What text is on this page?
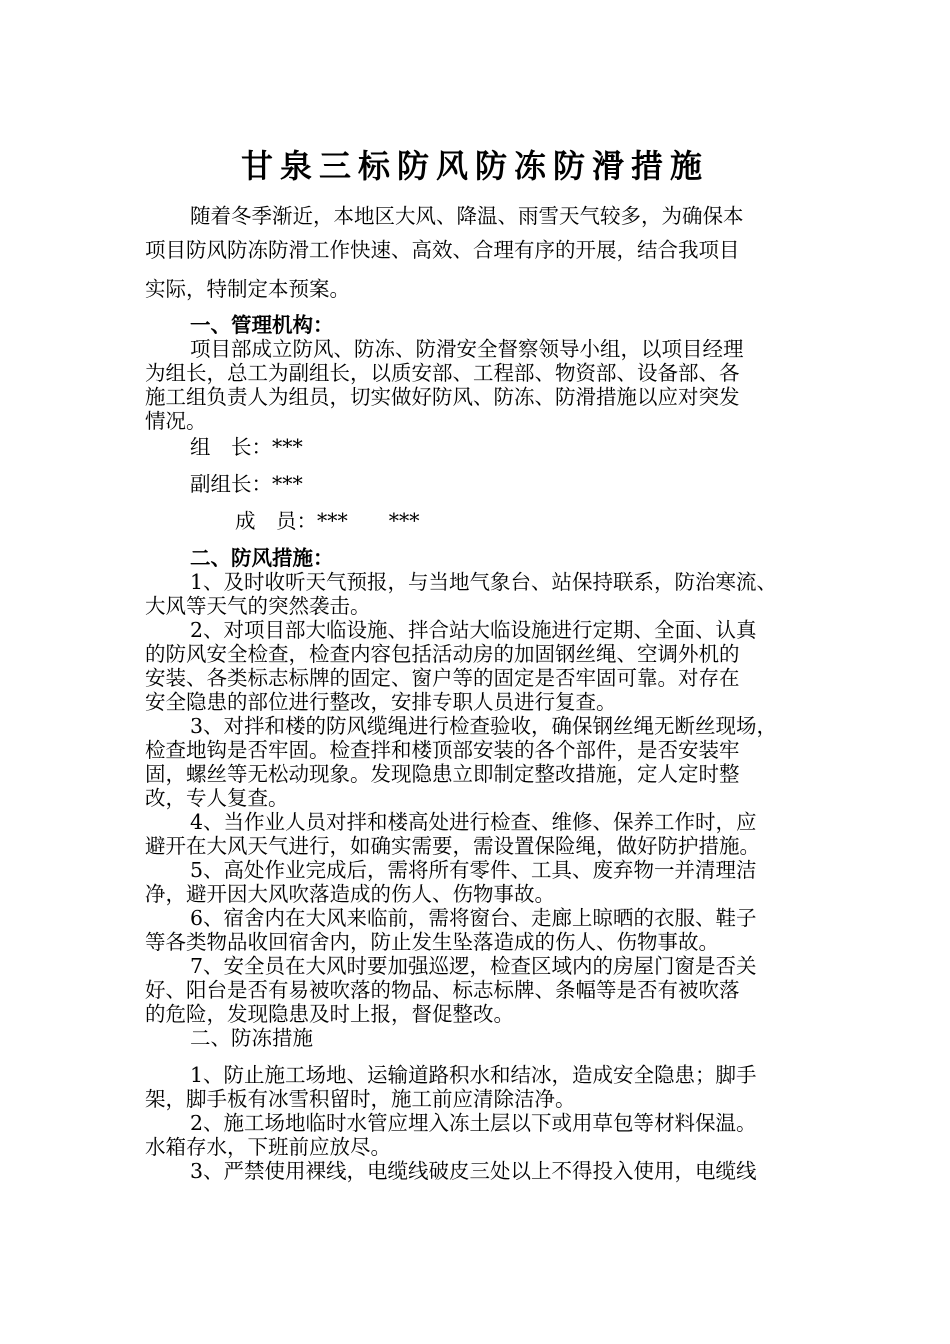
甘泉三标防风防冻防滑措施

随着冬季渐近，本地区大风、降温、雨雪天气较多，为确保本

项目防风防冻防滑工作快速、高效、合理有序的开展，结合我项目

实际，特制定本预案。

一、管理机构：

项目部成立防风、防冻、防滑安全督察领导小组，以项目经理

为组长，总工为副组长，以质安部、工程部、物资部、设备部、各

施工组负责人为组员，切实做好防风、防冻、防滑措施以应对突发

情况。

组　长：***

副组长：***

成　员：***　　***

二、防风措施：

1、及时收听天气预报，与当地气象台、站保持联系，防治寒流、

大风等天气的突然袭击。

2、对项目部大临设施、拌合站大临设施进行定期、全面、认真

的防风安全检查，检查内容包括活动房的加固钢丝绳、空调外机的

安装、各类标志标牌的固定、窗户等的固定是否牢固可靠。对存在

安全隐患的部位进行整改，安排专职人员进行复查。

3、对拌和楼的防风缆绳进行检查验收，确保钢丝绳无断丝现场，

检查地钩是否牢固。检查拌和楼顶部安装的各个部件，是否安装牢

固，螺丝等无松动现象。发现隐患立即制定整改措施，定人定时整

改，专人复查。

4、当作业人员对拌和楼高处进行检查、维修、保养工作时，应

避开在大风天气进行，如确实需要，需设置保险绳，做好防护措施。

5、高处作业完成后，需将所有零件、工具、废弃物一并清理洁

净，避开因大风吹落造成的伤人、伤物事故。

6、宿舍内在大风来临前，需将窗台、走廊上晾晒的衣服、鞋子

等各类物品收回宿舍内，防止发生坠落造成的伤人、伤物事故。

7、安全员在大风时要加强巡逻，检查区域内的房屋门窗是否关

好、阳台是否有易被吹落的物品、标志标牌、条幅等是否有被吹落

的危险，发现隐患及时上报，督促整改。

二、防冻措施

1、防止施工场地、运输道路积水和结冰，造成安全隐患；脚手

架，脚手板有冰雪积留时，施工前应清除洁净。

2、施工场地临时水管应埋入冻土层以下或用草包等材料保温。

水箱存水，下班前应放尽。

3、严禁使用裸线，电缆线破皮三处以上不得投入使用，电缆线
